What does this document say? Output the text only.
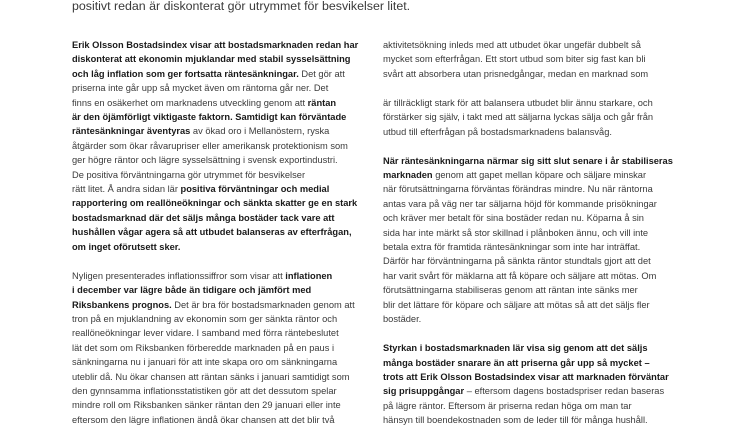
positivt redan är diskonterat gör utrymmet för besvikelser litet.

Erik Olsson Bostadsindex visar att bostadsmarknaden redan har
diskonterat att ekonomin mjuklandar med stabil sysselsättning
och låg inflation som ger fortsatta räntesänkningar. Det gör att
priserna inte går upp så mycket även om räntorna går ner. Det
finns en osäkerhet om marknadens utveckling genom att räntan
är den öjämförligt viktigaste faktorn. Samtidigt kan förväntade
räntesänkningar äventyras av ökad oro i Mellanöstern, ryska
åtgärder som ökar råvarupriser eller amerikansk protektionism som
ger högre räntor och lägre sysselsättning i svensk exportindustri.
De positiva förväntningarna gör utrymmet för besvikelser
rätt litet. Å andra sidan lär positiva förväntningar och medial
rapportering om reallöneökningar och sänkta skatter ge en stark
bostadsmarknad där det säljs många bostäder tack vare att
hushållen vågar agera så att utbudet balanseras av efterfrågan,
om inget oförutsett sker.

Nyligen presenterades inflationssiffror som visar att inflationen
i december var lägre både än tidigare och jämfört med
Riksbankens prognos. Det är bra för bostadsmarknaden genom att
tron på en mjuklandning av ekonomin som ger sänkta räntor och
reallöneökningar lever vidare. I samband med förra räntebeslutet
lät det som om Riksbanken förberedde marknaden på en paus i
sänkningarna nu i januari för att inte skapa oro om sänkningarna
uteblir då. Nu ökar chansen att räntan sänks i januari samtidigt som
den gynnsamma inflationsstatistiken gör att det dessutom spelar
mindre roll om Riksbanken sänker räntan den 29 januari eller inte
eftersom den lägre inflationen ändå ökar chansen att det blir två

aktivitetsökning inleds med att utbudet ökar ungefär dubbelt så
mycket som efterfrågan. Ett stort utbud som biter sig fast kan bli
svårt att absorbera utan prisnedgångar, medan en marknad som

är tillräckligt stark för att balansera utbudet blir ännu starkare, och
förstärker sig själv, i takt med att säljarna lyckas sälja och går från
utbud till efterfrågan på bostadsmarknadens balansvåg.

När räntesänkningarna närmar sig sitt slut senare i år stabiliseras
marknaden genom att gapet mellan köpare och säljare minskar
när förutsättningarna förväntas förändras mindre. Nu när räntorna
antas vara på väg ner tar säljarna höjd för kommande prisökningar
och kräver mer betalt för sina bostäder redan nu. Köparna å sin
sida har inte märkt så stor skillnad i plånboken ännu, och vill inte
betala extra för framtida räntesänkningar som inte har inträffat.
Därför har förväntningarna på sänkta räntor stundtals gjort att det
har varit svårt för mäklarna att få köpare och säljare att mötas. Om
förutsättningarna stabiliseras genom att räntan inte sänks mer
blir det lättare för köpare och säljare att mötas så att det säljs fler
bostäder.

Styrkan i bostadsmarknaden lär visa sig genom att det säljs
många bostäder snarare än att priserna går upp så mycket –
trots att Erik Olsson Bostadsindex visar att marknaden förväntar
sig prisuppgångar – eftersom dagens bostadspriser redan baseras
på lägre räntor. Eftersom är priserna redan höga om man tar
hänsyn till boendekostnaden som de leder till för många hushåll.
